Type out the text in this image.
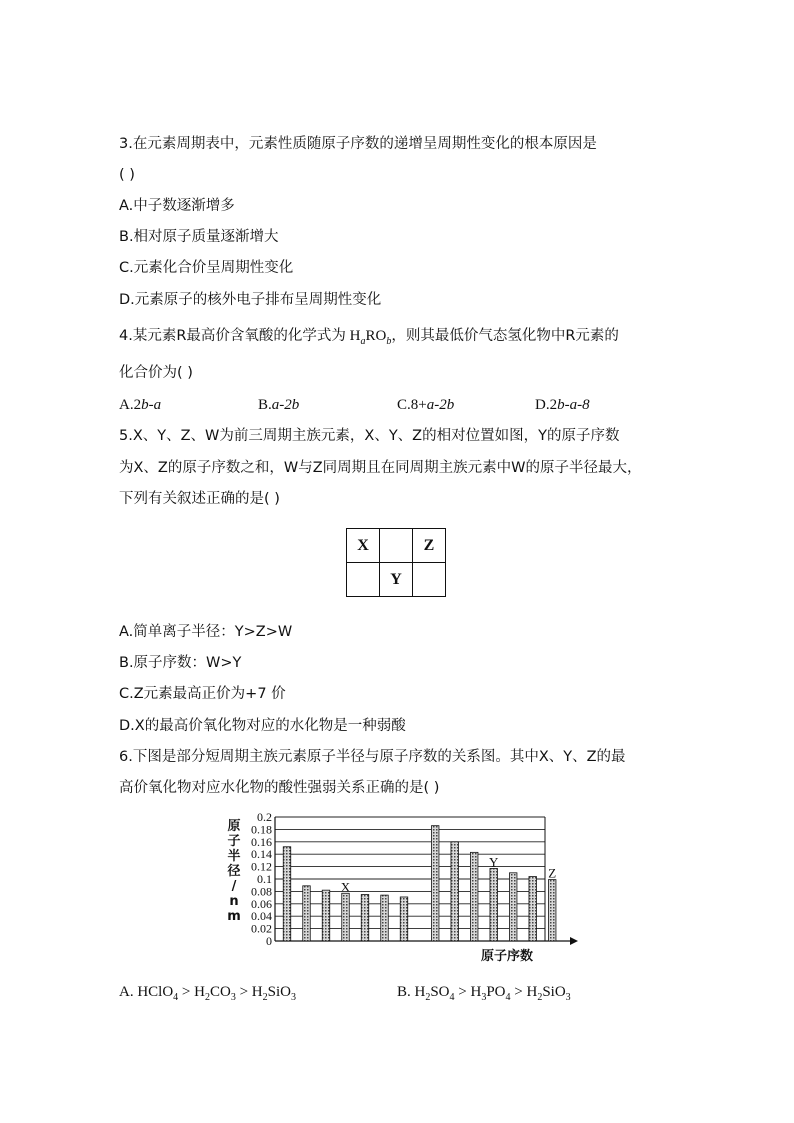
3.在元素周期表中，元素性质随原子序数的递增呈周期性变化的根本原因是
( )
A.中子数逐渐增多
B.相对原子质量逐渐增大
C.元素化合价呈周期性变化
D.元素原子的核外电子排布呈周期性变化
4.某元素R最高价含氧酸的化学式为 $H_aRO_b$，则其最低价气态氢化物中R元素的
化合价为( )
A.2b-a	B.a-2b	C.8+a-2b	D.2b-a-8
5.X、Y、Z、W为前三周期主族元素，X、Y、Z的相对位置如图，Y的原子序数
为X、Z的原子序数之和，W与Z同周期且在同周期主族元素中W的原子半径最大，
下列有关叙述正确的是( )
X		Z
	Y	
A.简单离子半径：Y>Z>W
B.原子序数：W>Y
C.Z元素最高正价为+7 价
D.X的最高价氧化物对应的水化物是一种弱酸
6.下图是部分短周期主族元素原子半径与原子序数的关系图。其中X、Y、Z的最
高价氧化物对应水化物的酸性强弱关系正确的是( )
0
0.02
0.04
0.06
0.08
0.1
0.12
0.14
0.16
0.18
0.2
原
子
半
径
/
n
m
原子序数
X
Y
Z
A. HClO$_4$ > $H_2CO_3 > H_2SiO_3$	B. $H_2SO_4 > H_3PO_4 > H_2SiO_3$
